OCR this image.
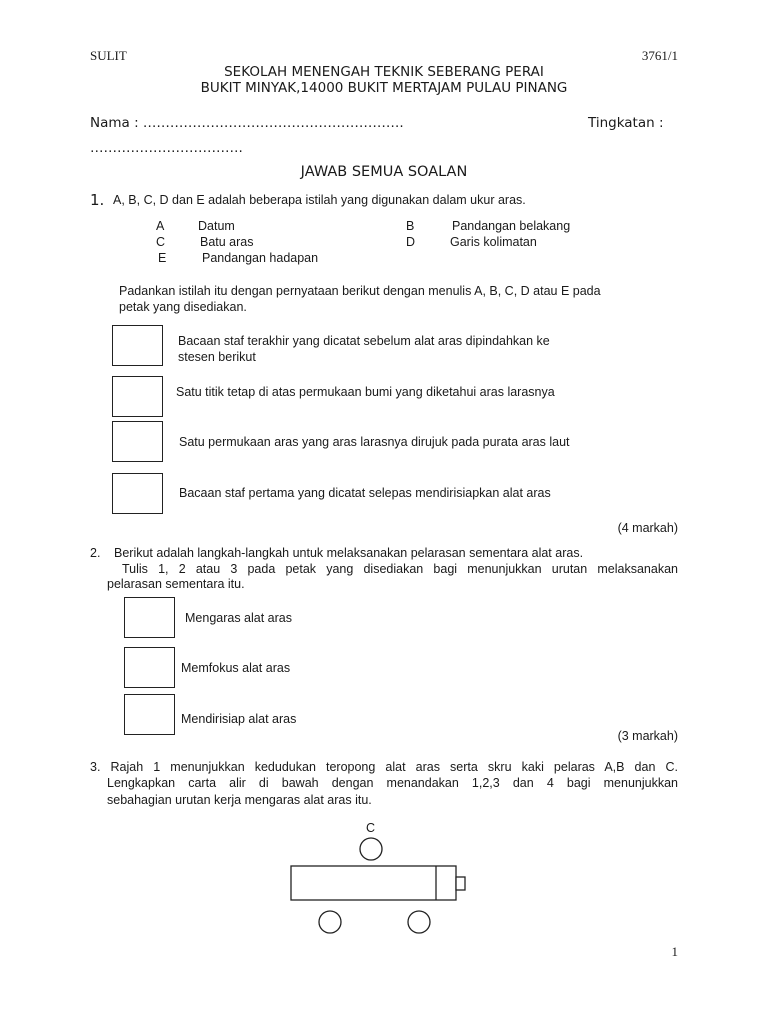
SULIT	3761/1
SEKOLAH MENENGAH TEKNIK SEBERANG PERAI
BUKIT MINYAK,14000 BUKIT MERTAJAM PULAU PINANG
Nama : ………………………………………………….	Tingkatan :
…………………………….
JAWAB SEMUA SOALAN
1. A, B, C, D dan E adalah beberapa istilah yang digunakan dalam ukur aras.
A	Datum	B	Pandangan belakang
C	Batu aras	D	Garis kolimatan
E	Pandangan hadapan
Padankan istilah itu dengan pernyataan berikut dengan menulis A, B, C, D atau E pada
petak yang disediakan.
Bacaan staf terakhir yang dicatat sebelum alat aras dipindahkan ke
stesen berikut
Satu titik tetap di atas permukaan bumi yang diketahui aras larasnya
Satu permukaan aras yang aras larasnya dirujuk pada purata aras laut
Bacaan staf pertama yang dicatat selepas mendirisiapkan alat aras
(4 markah)
2. Berikut adalah langkah-langkah untuk melaksanakan pelarasan sementara alat aras.
Tulis 1, 2 atau 3 pada petak yang disediakan bagi menunjukkan urutan melaksanakan
pelarasan sementara itu.
Mengaras alat aras
Memfokus alat aras
Mendirisiap alat aras
(3 markah)
3. Rajah 1 menunjukkan kedudukan teropong alat aras serta skru kaki pelaras A,B dan C.
Lengkapkan carta alir di bawah dengan menandakan 1,2,3 dan 4 bagi menunjukkan
sebahagian urutan kerja mengaras alat aras itu.
C
1
